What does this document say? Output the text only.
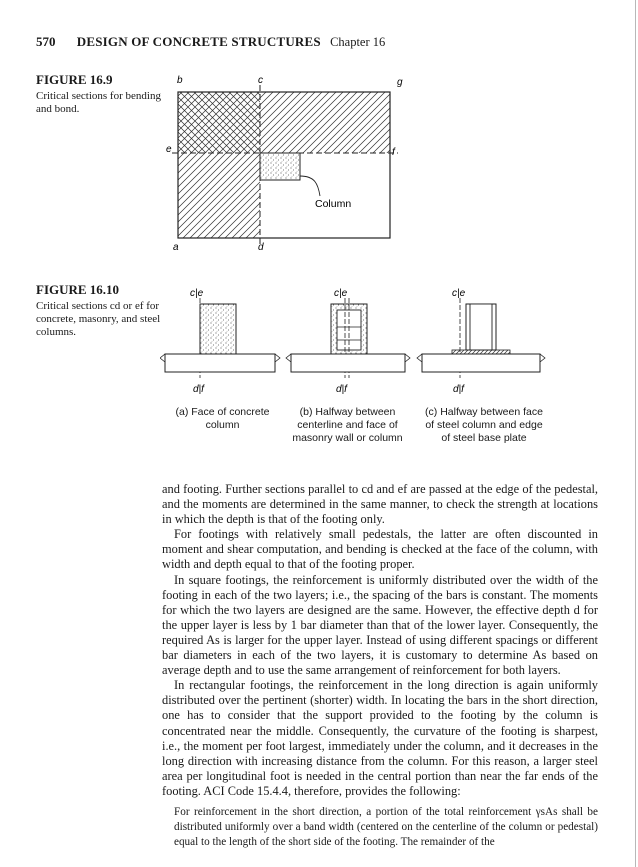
570 DESIGN OF CONCRETE STRUCTURES Chapter 16
FIGURE 16.9
Critical sections for bending and bond.
b	c	g
e	f
a	d
Column
FIGURE 16.10
Critical sections cd or ef for concrete, masonry, and steel columns.
c|e
d|f
c|e
d|f
c|e
d|f
(a) Face of concrete
column
(b) Halfway between
centerline and face of
masonry wall or column
(c) Halfway between face
of steel column and edge
of steel base plate

and footing. Further sections parallel to cd and ef are passed at the edge of the pedestal, and the moments are determined in the same manner, to check the strength at locations in which the depth is that of the footing only.

For footings with relatively small pedestals, the latter are often discounted in moment and shear computation, and bending is checked at the face of the column, with width and depth equal to that of the footing proper.

In square footings, the reinforcement is uniformly distributed over the width of the footing in each of the two layers; i.e., the spacing of the bars is constant. The moments for which the two layers are designed are the same. However, the effective depth d for the upper layer is less by 1 bar diameter than that of the lower layer. Consequently, the required As is larger for the upper layer. Instead of using different spacings or different bar diameters in each of the two layers, it is customary to determine As based on average depth and to use the same arrangement of reinforcement for both layers.

In rectangular footings, the reinforcement in the long direction is again uniformly distributed over the pertinent (shorter) width. In locating the bars in the short direction, one has to consider that the support provided to the footing by the column is concentrated near the middle. Consequently, the curvature of the footing is sharpest, i.e., the moment per foot largest, immediately under the column, and it decreases in the long direction with increasing distance from the column. For this reason, a larger steel area per longitudinal foot is needed in the central portion than near the far ends of the footing. ACI Code 15.4.4, therefore, provides the following:

For reinforcement in the short direction, a portion of the total reinforcement γsAs shall be distributed uniformly over a band width (centered on the centerline of the column or pedestal) equal to the length of the short side of the footing. The remainder of the
